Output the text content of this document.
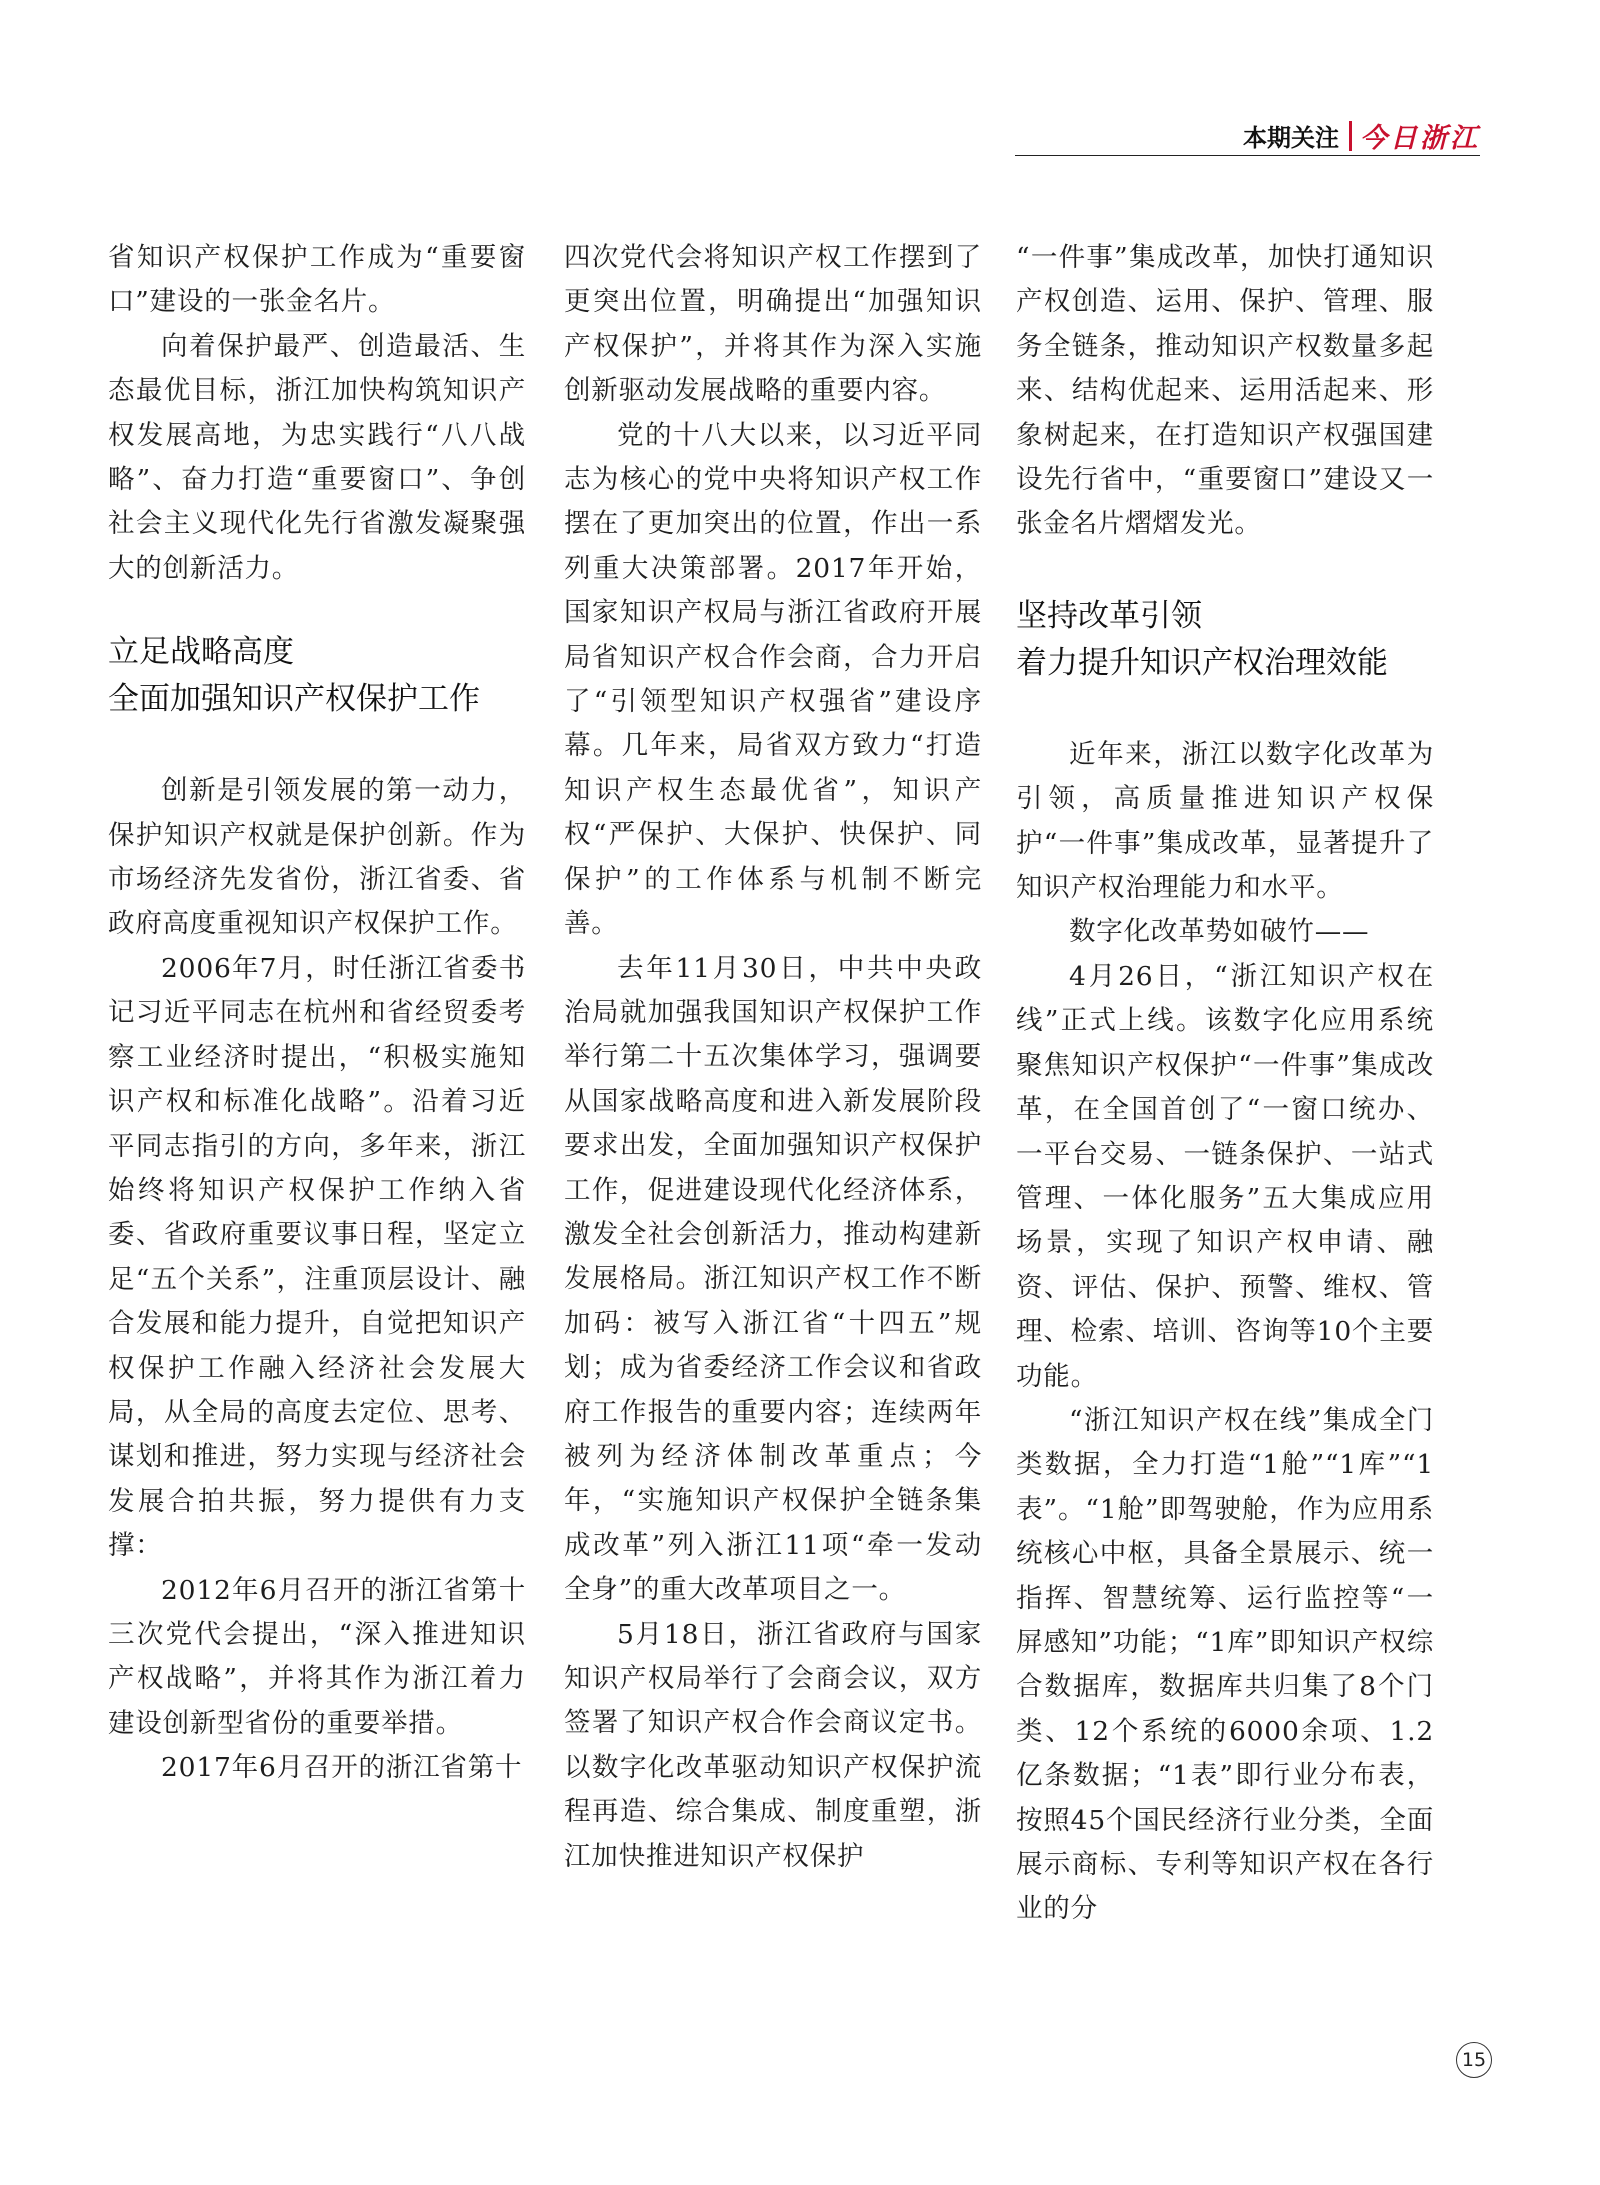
本期关注 今日浙江

省知识产权保护工作成为“重要窗口”建设的一张金名片。

向着保护最严、创造最活、生态最优目标，浙江加快构筑知识产权发展高地，为忠实践行“八八战略”、奋力打造“重要窗口”、争创社会主义现代化先行省激发凝聚强大的创新活力。

立足战略高度
全面加强知识产权保护工作

创新是引领发展的第一动力，保护知识产权就是保护创新。作为市场经济先发省份，浙江省委、省政府高度重视知识产权保护工作。

2006年7月，时任浙江省委书记习近平同志在杭州和省经贸委考察工业经济时提出，“积极实施知识产权和标准化战略”。沿着习近平同志指引的方向，多年来，浙江始终将知识产权保护工作纳入省委、省政府重要议事日程，坚定立足“五个关系”，注重顶层设计、融合发展和能力提升，自觉把知识产权保护工作融入经济社会发展大局，从全局的高度去定位、思考、谋划和推进，努力实现与经济社会发展合拍共振，努力提供有力支撑：

2012年6月召开的浙江省第十三次党代会提出，“深入推进知识产权战略”，并将其作为浙江着力建设创新型省份的重要举措。

2017年6月召开的浙江省第十

四次党代会将知识产权工作摆到了更突出位置，明确提出“加强知识产权保护”，并将其作为深入实施创新驱动发展战略的重要内容。

党的十八大以来，以习近平同志为核心的党中央将知识产权工作摆在了更加突出的位置，作出一系列重大决策部署。2017年开始，国家知识产权局与浙江省政府开展局省知识产权合作会商，合力开启了“引领型知识产权强省”建设序幕。几年来，局省双方致力“打造知识产权生态最优省”，知识产权“严保护、大保护、快保护、同保护”的工作体系与机制不断完善。

去年11月30日，中共中央政治局就加强我国知识产权保护工作举行第二十五次集体学习，强调要从国家战略高度和进入新发展阶段要求出发，全面加强知识产权保护工作，促进建设现代化经济体系，激发全社会创新活力，推动构建新发展格局。浙江知识产权工作不断加码：被写入浙江省“十四五”规划；成为省委经济工作会议和省政府工作报告的重要内容；连续两年被列为经济体制改革重点；今年，“实施知识产权保护全链条集成改革”列入浙江11项“牵一发动全身”的重大改革项目之一。

5月18日，浙江省政府与国家知识产权局举行了会商会议，双方签署了知识产权合作会商议定书。以数字化改革驱动知识产权保护流程再造、综合集成、制度重塑，浙江加快推进知识产权保护

“一件事”集成改革，加快打通知识产权创造、运用、保护、管理、服务全链条，推动知识产权数量多起来、结构优起来、运用活起来、形象树起来，在打造知识产权强国建设先行省中，“重要窗口”建设又一张金名片熠熠发光。

坚持改革引领
着力提升知识产权治理效能

近年来，浙江以数字化改革为引领，高质量推进知识产权保护“一件事”集成改革，显著提升了知识产权治理能力和水平。

数字化改革势如破竹——

4月26日，“浙江知识产权在线”正式上线。该数字化应用系统聚焦知识产权保护“一件事”集成改革，在全国首创了“一窗口统办、一平台交易、一链条保护、一站式管理、一体化服务”五大集成应用场景，实现了知识产权申请、融资、评估、保护、预警、维权、管理、检索、培训、咨询等10个主要功能。

“浙江知识产权在线”集成全门类数据，全力打造“1舱”“1库”“1表”。“1舱”即驾驶舱，作为应用系统核心中枢，具备全景展示、统一指挥、智慧统筹、运行监控等“一屏感知”功能；“1库”即知识产权综合数据库，数据库共归集了8个门类、12个系统的6000余项、1.2亿条数据；“1表”即行业分布表，按照45个国民经济行业分类，全面展示商标、专利等知识产权在各行业的分

15
